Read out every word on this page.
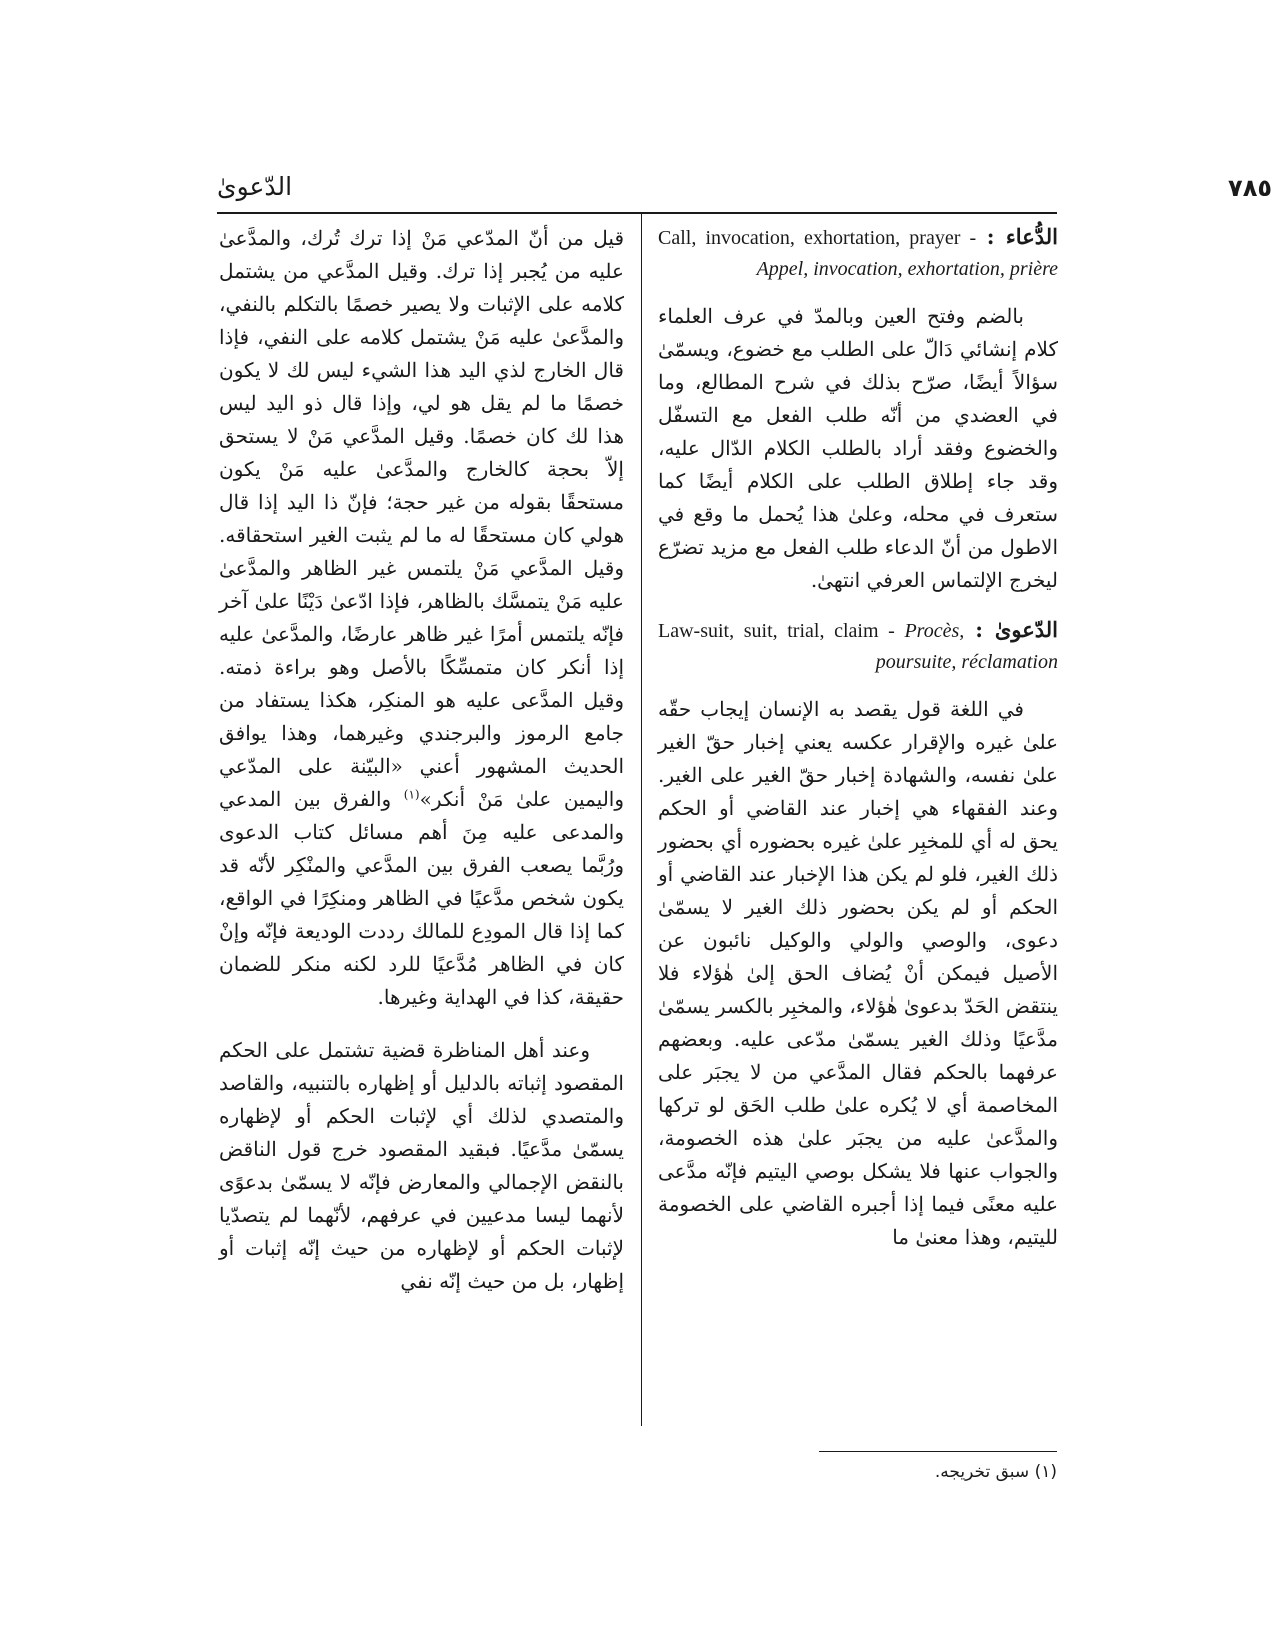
٧٨٥
الدّعوىٰ
الدُّعاء : Call, invocation, exhortation, prayer - Appel, invocation, exhortation, prière

بالضم وفتح العين وبالمدّ في عرف العلماء كلام إنشائي دَالّ على الطلب مع خضوع، ويسمّىٰ سؤالاً أيضًا، صرّح بذلك في شرح المطالع، وما في العضدي من أنّه طلب الفعل مع التسفّل والخضوع وفقد أراد بالطلب الكلام الدّال عليه، وقد جاء إطلاق الطلب على الكلام أيضًا كما ستعرف في محله، وعلىٰ هذا يُحمل ما وقع في الاطول من أنّ الدعاء طلب الفعل مع مزيد تضرّع ليخرج الإلتماس العرفي انتهىٰ.

الدّعوىٰ : Law-suit, suit, trial, claim - Procès, poursuite, réclamation

في اللغة قول يقصد به الإنسان إيجاب حقّه علىٰ غيره والإقرار عكسه يعني إخبار حقّ الغير علىٰ نفسه، والشهادة إخبار حقّ الغير على الغير. وعند الفقهاء هي إخبار عند القاضي أو الحكم يحق له أي للمخبِر علىٰ غيره بحضوره أي بحضور ذلك الغير، فلو لم يكن هذا الإخبار عند القاضي أو الحكم أو لم يكن بحضور ذلك الغير لا يسمّىٰ دعوى، والوصي والولي والوكيل نائبون عن الأصيل فيمكن أنْ يُضاف الحق إلىٰ هٰؤلاء فلا ينتقض الحَدّ بدعوىٰ هٰؤلاء، والمخبِر بالكسر يسمّىٰ مدَّعيًا وذلك الغير يسمّىٰ مدّعى عليه. وبعضهم عرفهما بالحكم فقال المدَّعي من لا يجبَر على المخاصمة أي لا يُكره علىٰ طلب الحَق لو تركها والمدَّعىٰ عليه من يجبَر علىٰ هذه الخصومة، والجواب عنها فلا يشكل بوصي اليتيم فإنّه مدَّعى عليه معنًى فيما إذا أجبره القاضي على الخصومة لليتيم، وهذا معنىٰ ما

قيل من أنّ المدّعي مَنْ إذا ترك تُرك، والمدَّعىٰ عليه من يُجبر إذا ترك. وقيل المدَّعي من يشتمل كلامه على الإثبات ولا يصير خصمًا بالتكلم بالنفي، والمدَّعىٰ عليه مَنْ يشتمل كلامه على النفي، فإذا قال الخارج لذي اليد هذا الشيء ليس لك لا يكون خصمًا ما لم يقل هو لي، وإذا قال ذو اليد ليس هذا لك كان خصمًا. وقيل المدَّعي مَنْ لا يستحق إلاّ بحجة كالخارج والمدَّعىٰ عليه مَنْ يكون مستحقًا بقوله من غير حجة؛ فإنّ ذا اليد إذا قال هولي كان مستحقًا له ما لم يثبت الغير استحقاقه. وقيل المدَّعي مَنْ يلتمس غير الظاهر والمدَّعىٰ عليه مَنْ يتمسَّك بالظاهر، فإذا ادّعىٰ دَيْنًا علىٰ آخر فإنّه يلتمس أمرًا غير ظاهر عارضًا، والمدَّعىٰ عليه إذا أنكر كان متمسِّكًا بالأصل وهو براءة ذمته. وقيل المدَّعى عليه هو المنكِر، هكذا يستفاد من جامع الرموز والبرجندي وغيرهما، وهذا يوافق الحديث المشهور أعني «البيّنة على المدّعي واليمين علىٰ مَنْ أنكر»$^{(١)}$ والفرق بين المدعي والمدعى عليه مِنَ أهم مسائل كتاب الدعوى ورُبَّما يصعب الفرق بين المدَّعي والمنْكِر لأنّه قد يكون شخص مدَّعيًا في الظاهر ومنكِرًا في الواقع، كما إذا قال المودِع للمالك رددت الوديعة فإنّه وإنْ كان في الظاهر مُدَّعيًا للرد لكنه منكر للضمان حقيقة، كذا في الهداية وغيرها.

وعند أهل المناظرة قضية تشتمل على الحكم المقصود إثباته بالدليل أو إظهاره بالتنبيه، والقاصد والمتصدي لذلك أي لإثبات الحكم أو لإظهاره يسمّىٰ مدَّعيًا. فبقيد المقصود خرج قول الناقض بالنقض الإجمالي والمعارض فإنّه لا يسمّىٰ بدعوًى لأنهما ليسا مدعيين في عرفهم، لأنّهما لم يتصدّيا لإثبات الحكم أو لإظهاره من حيث إنّه إثبات أو إظهار، بل من حيث إنّه نفي

(١) سبق تخريجه.
